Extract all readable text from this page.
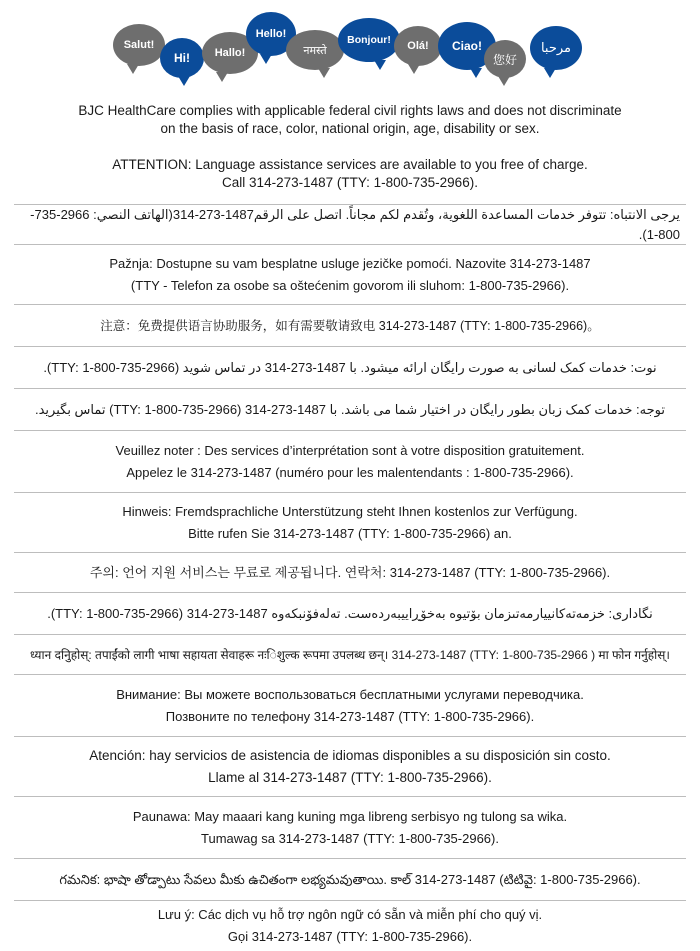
Salut!
Hi!	Hallo!
Hello!
नमस्ते
Bonjour!	Olá!	Ciao!
您好
مرحبا

BJC HealthCare complies with applicable federal civil rights laws and does not discriminate

on the basis of race, color, national origin, age, disability or sex.

ATTENTION: Language assistance services are available to you free of charge.

Call 314-273-1487 (TTY: 1-800-735-2966).

يرجى الانتباه: تتوفر خدمات المساعدة اللغوية، وتُقدم لكم مجاناً. اتصل على الرقم1487-273-314(الهاتف النصي: 2966-735-800-1).

Pažnja: Dostupne su vam besplatne usluge jezičke pomoći. Nazovite 314-273-1487

(TTY - Telefon za osobe sa oštećenim govorom ili sluhom: 1-800-735-2966).

注意：免费提供语言协助服务，如有需要敬请致电 314-273-1487 (TTY: 1-800-735-2966)。

نوت: خدمات کمک لسانی به صورت رایگان ارائه میشود. با 1487-273-314 در تماس شوید (TTY: 1-800-735-2966).

توجه: خدمات کمک زبان بطور رایگان در اختیار شما می باشد. با 1487-273-314 (TTY: 1-800-735-2966) تماس بگیرید.

Veuillez noter : Des services d’interprétation sont à votre disposition gratuitement.

Appelez le 314-273-1487 (numéro pour les malentendants : 1-800-735-2966).

Hinweis: Fremdsprachliche Unterstützung steht Ihnen kostenlos zur Verfügung.

Bitte rufen Sie 314-273-1487 (TTY: 1-800-735-2966) an.

주의: 언어 지원 서비스는 무료로 제공됩니다. 연락처: 314-273-1487 (TTY: 1-800-735-2966).

نگاداری: خزمەتەکانییارمەتىزمان بۆتیوه بەخۆڕاییبەردەست. تەلەفۆنبکەوە 1487-273-314 (TTY: 1-800-735-2966).

ध्यान दनिुहोस्: तपाईंको लागी भाषा सहायता सेवाहरू नःिशुल्क रूपमा उपलब्ध छन्। 314-273-1487 (TTY: 1-800-735-2966 ) मा फोन गर्नुहोस्।

Внимание: Вы можете воспользоваться бесплатными услугами переводчика.

Позвоните по телефону 314-273-1487 (TTY: 1-800-735-2966).

Atención: hay servicios de asistencia de idiomas disponibles a su disposición sin costo.

Llame al 314-273-1487 (TTY: 1-800-735-2966).

Paunawa: May maaari kang kuning mga libreng serbisyo ng tulong sa wika.

Tumawag sa 314-273-1487 (TTY: 1-800-735-2966).

గమనిక: భాషా తోడ్పాటు సేవలు మీకు ఉచితంగా లభ్యమవుతాయి. కాల్ 314-273-1487 (టిటివై: 1-800-735-2966).

Lưu ý: Các dịch vụ hỗ trợ ngôn ngữ có sẵn và miễn phí cho quý vị.

Gọi 314-273-1487 (TTY: 1-800-735-2966).
